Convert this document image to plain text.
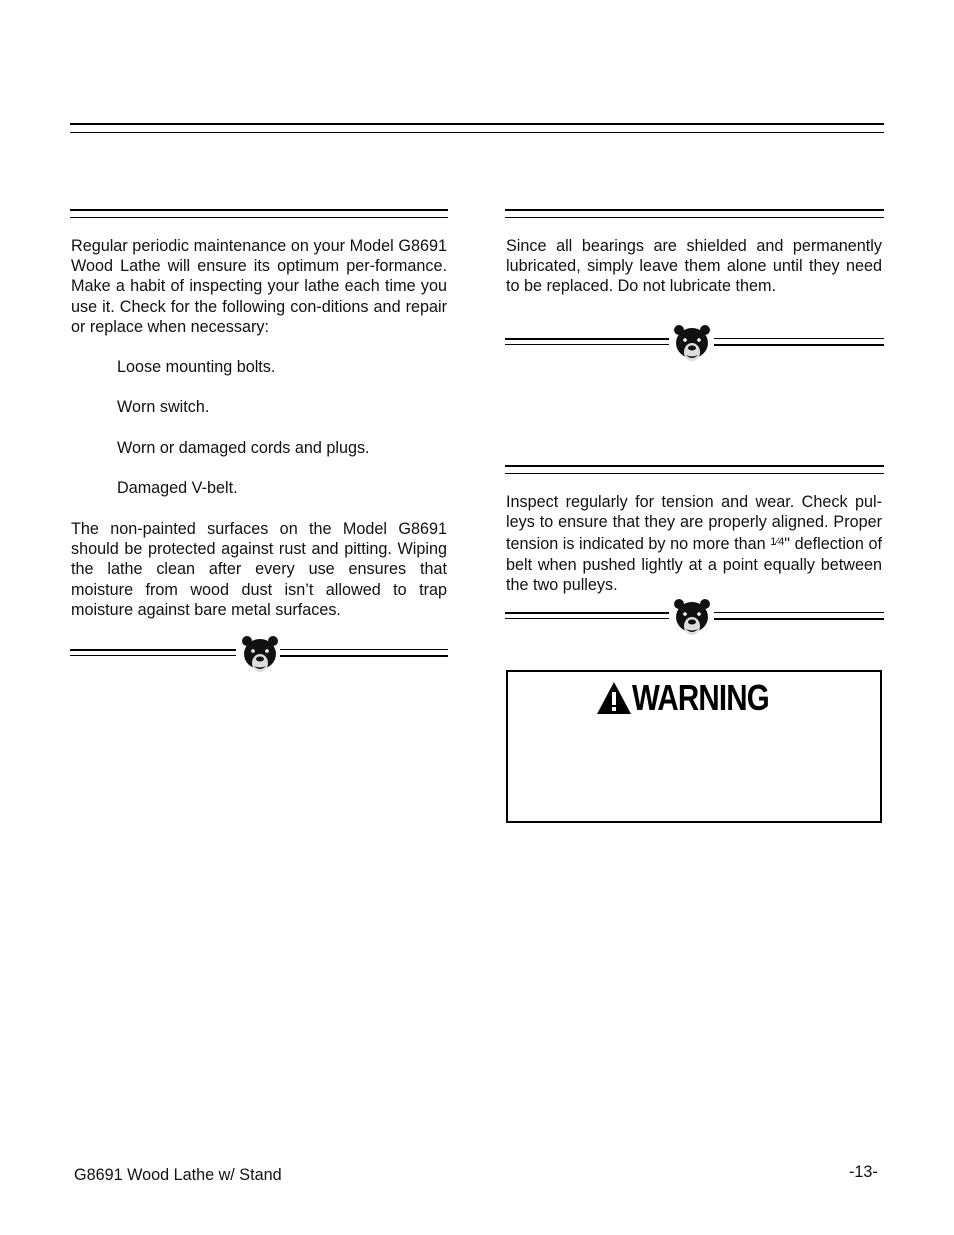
Regular periodic maintenance on your Model G8691 Wood Lathe will ensure its optimum per-formance. Make a habit of inspecting your lathe each time you use it. Check for the following con-ditions and repair or replace when necessary:

Loose mounting bolts.

Worn switch.

Worn or damaged cords and plugs.

Damaged V-belt.

The non-painted surfaces on the Model G8691 should be protected against rust and pitting. Wiping the lathe clean after every use ensures that moisture from wood dust isn’t allowed to trap moisture against bare metal surfaces.

Since all bearings are shielded and permanently lubricated, simply leave them alone until they need to be replaced. Do not lubricate them.

Inspect regularly for tension and wear. Check pul-leys to ensure that they are properly aligned. Proper tension is indicated by no more than $^{1⁄4}$" deflection of belt when pushed lightly at a point equally between the two pulleys.

WARNING
G8691 Wood Lathe w/ Stand	-13-
